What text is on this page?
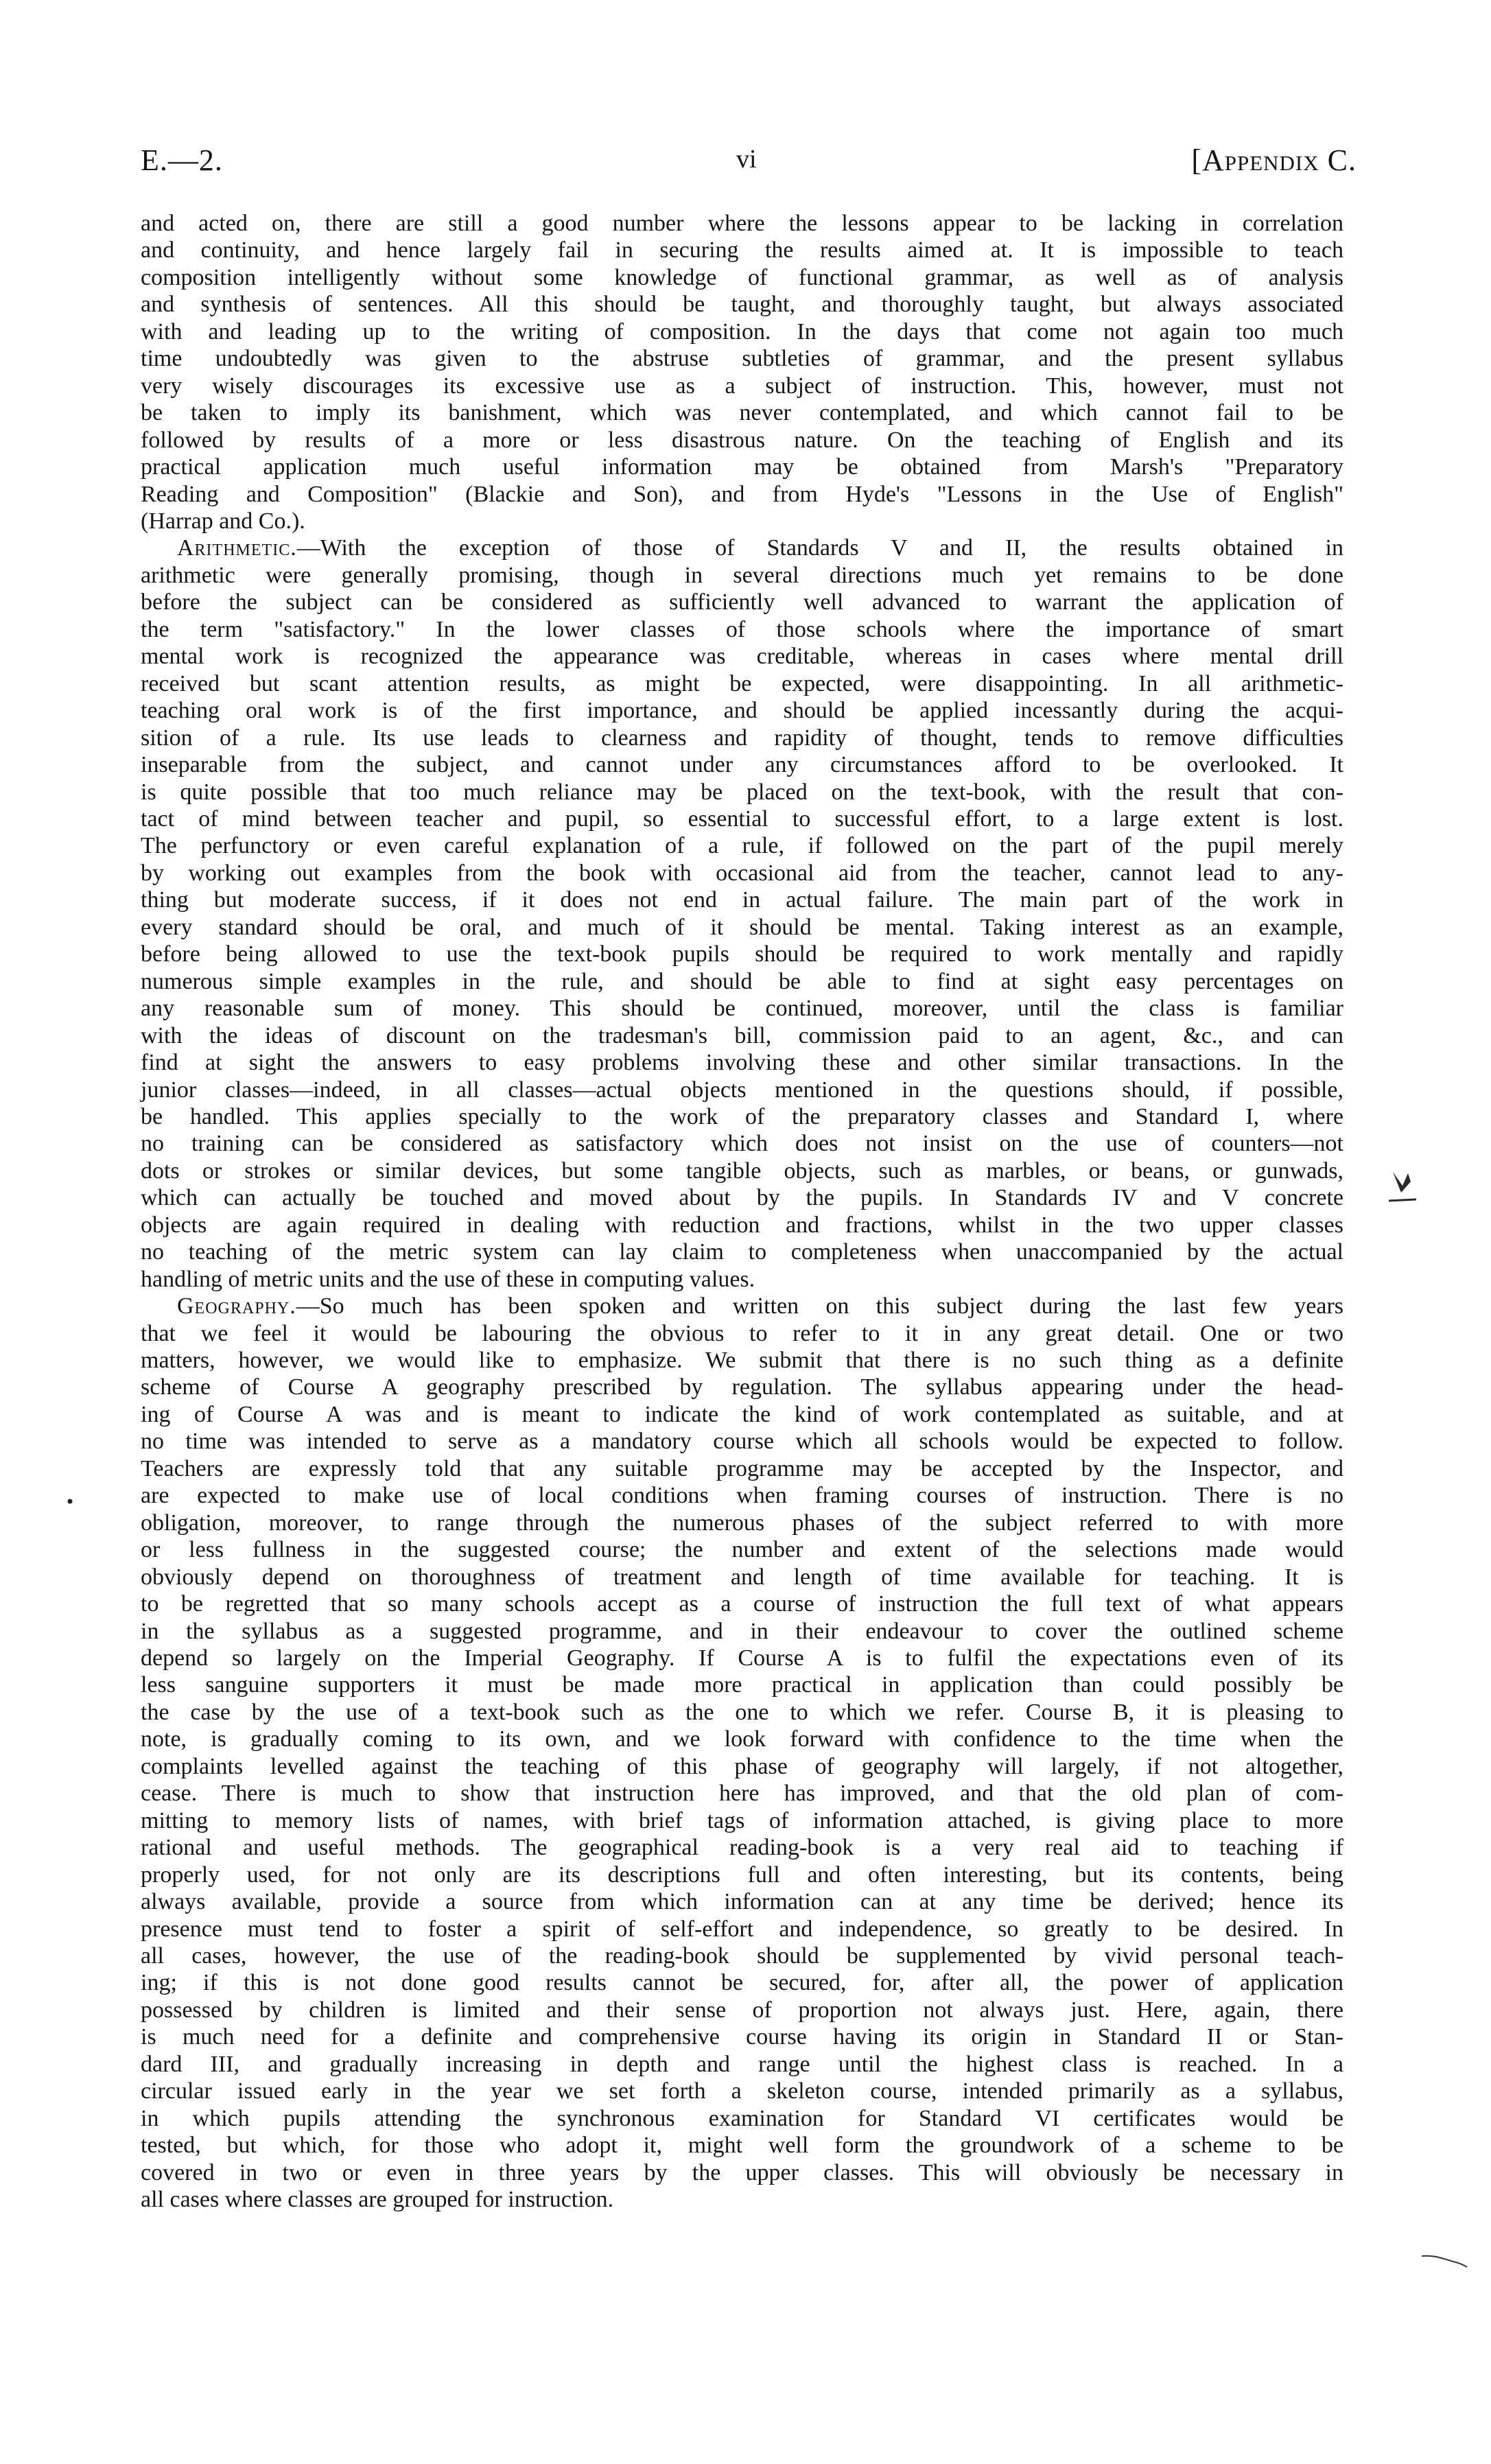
E.—2.	vi	[Appendix C.

and acted on, there are still a good number where the lessons appear to be lacking in correlation
and continuity, and hence largely fail in securing the results aimed at. It is impossible to teach
composition intelligently without some knowledge of functional grammar, as well as of analysis
and synthesis of sentences. All this should be taught, and thoroughly taught, but always associated
with and leading up to the writing of composition. In the days that come not again too much
time undoubtedly was given to the abstruse subtleties of grammar, and the present syllabus
very wisely discourages its excessive use as a subject of instruction. This, however, must not
be taken to imply its banishment, which was never contemplated, and which cannot fail to be
followed by results of a more or less disastrous nature. On the teaching of English and its
practical application much useful information may be obtained from Marsh's "Preparatory
Reading and Composition" (Blackie and Son), and from Hyde's "Lessons in the Use of English"
(Harrap and Co.).

Arithmetic.—With the exception of those of Standards V and II, the results obtained in
arithmetic were generally promising, though in several directions much yet remains to be done
before the subject can be considered as sufficiently well advanced to warrant the application of
the term "satisfactory." In the lower classes of those schools where the importance of smart
mental work is recognized the appearance was creditable, whereas in cases where mental drill
received but scant attention results, as might be expected, were disappointing. In all arithmetic-
teaching oral work is of the first importance, and should be applied incessantly during the acqui-
sition of a rule. Its use leads to clearness and rapidity of thought, tends to remove difficulties
inseparable from the subject, and cannot under any circumstances afford to be overlooked. It
is quite possible that too much reliance may be placed on the text-book, with the result that con-
tact of mind between teacher and pupil, so essential to successful effort, to a large extent is lost.
The perfunctory or even careful explanation of a rule, if followed on the part of the pupil merely
by working out examples from the book with occasional aid from the teacher, cannot lead to any-
thing but moderate success, if it does not end in actual failure. The main part of the work in
every standard should be oral, and much of it should be mental. Taking interest as an example,
before being allowed to use the text-book pupils should be required to work mentally and rapidly
numerous simple examples in the rule, and should be able to find at sight easy percentages on
any reasonable sum of money. This should be continued, moreover, until the class is familiar
with the ideas of discount on the tradesman's bill, commission paid to an agent, &c., and can
find at sight the answers to easy problems involving these and other similar transactions. In the
junior classes—indeed, in all classes—actual objects mentioned in the questions should, if possible,
be handled. This applies specially to the work of the preparatory classes and Standard I, where
no training can be considered as satisfactory which does not insist on the use of counters—not
dots or strokes or similar devices, but some tangible objects, such as marbles, or beans, or gunwads,
which can actually be touched and moved about by the pupils. In Standards IV and V concrete
objects are again required in dealing with reduction and fractions, whilst in the two upper classes
no teaching of the metric system can lay claim to completeness when unaccompanied by the actual
handling of metric units and the use of these in computing values.

Geography.—So much has been spoken and written on this subject during the last few years
that we feel it would be labouring the obvious to refer to it in any great detail. One or two
matters, however, we would like to emphasize. We submit that there is no such thing as a definite
scheme of Course A geography prescribed by regulation. The syllabus appearing under the head-
ing of Course A was and is meant to indicate the kind of work contemplated as suitable, and at
no time was intended to serve as a mandatory course which all schools would be expected to follow.
Teachers are expressly told that any suitable programme may be accepted by the Inspector, and
are expected to make use of local conditions when framing courses of instruction. There is no
obligation, moreover, to range through the numerous phases of the subject referred to with more
or less fullness in the suggested course; the number and extent of the selections made would
obviously depend on thoroughness of treatment and length of time available for teaching. It is
to be regretted that so many schools accept as a course of instruction the full text of what appears
in the syllabus as a suggested programme, and in their endeavour to cover the outlined scheme
depend so largely on the Imperial Geography. If Course A is to fulfil the expectations even of its
less sanguine supporters it must be made more practical in application than could possibly be
the case by the use of a text-book such as the one to which we refer. Course B, it is pleasing to
note, is gradually coming to its own, and we look forward with confidence to the time when the
complaints levelled against the teaching of this phase of geography will largely, if not altogether,
cease. There is much to show that instruction here has improved, and that the old plan of com-
mitting to memory lists of names, with brief tags of information attached, is giving place to more
rational and useful methods. The geographical reading-book is a very real aid to teaching if
properly used, for not only are its descriptions full and often interesting, but its contents, being
always available, provide a source from which information can at any time be derived; hence its
presence must tend to foster a spirit of self-effort and independence, so greatly to be desired. In
all cases, however, the use of the reading-book should be supplemented by vivid personal teach-
ing; if this is not done good results cannot be secured, for, after all, the power of application
possessed by children is limited and their sense of proportion not always just. Here, again, there
is much need for a definite and comprehensive course having its origin in Standard II or Stan-
dard III, and gradually increasing in depth and range until the highest class is reached. In a
circular issued early in the year we set forth a skeleton course, intended primarily as a syllabus,
in which pupils attending the synchronous examination for Standard VI certificates would be
tested, but which, for those who adopt it, might well form the groundwork of a scheme to be
covered in two or even in three years by the upper classes. This will obviously be necessary in
all cases where classes are grouped for instruction.
